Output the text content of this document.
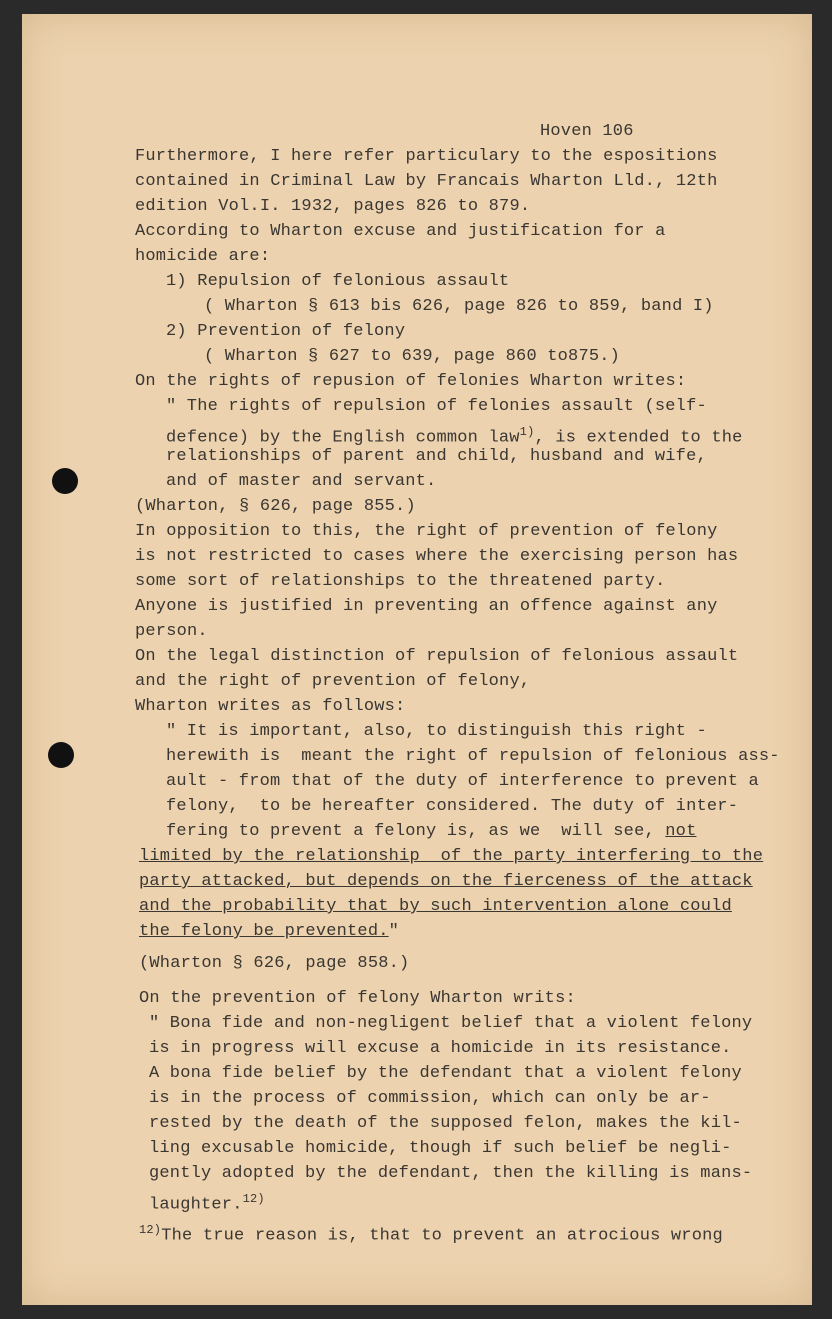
Hoven 106
Furthermore, I here refer particulary to the espositions
contained in Criminal Law by Francais Wharton Lld., 12th
edition Vol.I. 1932, pages 826 to 879.
According to Wharton excuse and justification for a
homicide are:
1) Repulsion of felonious assault
( Wharton § 613 bis 626, page 826 to 859, band I)
2) Prevention of felony
( Wharton § 627 to 639, page 860 to875.)
On the rights of repusion of felonies Wharton writes:
" The rights of repulsion of felonies assault (self-
defence) by the English common law$^{1)}$, is extended to the
relationships of parent and child, husband and wife,
and of master and servant.
(Wharton, § 626, page 855.)
In opposition to this, the right of prevention of felony
is not restricted to cases where the exercising person has
some sort of relationships to the threatened party.
Anyone is justified in preventing an offence against any
person.
On the legal distinction of repulsion of felonious assault
and the right of prevention of felony,
Wharton writes as follows:
" It is important, also, to distinguish this right -
herewith is  meant the right of repulsion of felonious ass-
ault - from that of the duty of interference to prevent a
felony,  to be hereafter considered. The duty of inter-
fering to prevent a felony is, as we  will see, not
limited by the relationship  of the party interfering to the
party attacked, but depends on the fierceness of the attack
and the probability that by such intervention alone could
the felony be prevented."
(Wharton § 626, page 858.)
On the prevention of felony Wharton writs:
" Bona fide and non-negligent belief that a violent felony
is in progress will excuse a homicide in its resistance.
A bona fide belief by the defendant that a violent felony
is in the process of commission, which can only be ar-
rested by the death of the supposed felon, makes the kil-
ling excusable homicide, though if such belief be negli-
gently adopted by the defendant, then the killing is mans-
laughter.$^{12)}$
$^{12)}$The true reason is, that to prevent an atrocious wrong
